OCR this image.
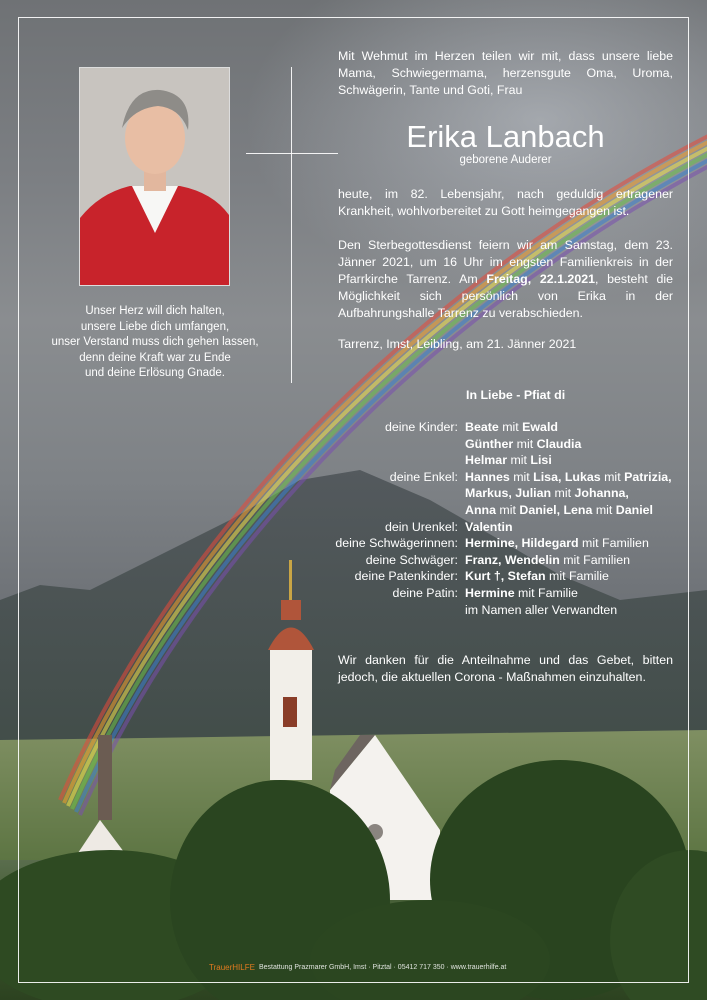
Unser Herz will dich halten,
unsere Liebe dich umfangen,
unser Verstand muss dich gehen lassen,
denn deine Kraft war zu Ende
und deine Erlösung Gnade.
Mit Wehmut im Herzen teilen wir mit, dass unsere liebe Mama, Schwiegermama, herzensgute Oma, Uroma, Schwägerin, Tante und Goti, Frau
Erika Lanbach
geborene Auderer
heute, im 82. Lebensjahr, nach geduldig ertragener Krankheit, wohlvorbereitet zu Gott heimgegangen ist.
Den Sterbegottesdienst feiern wir am Samstag, dem 23. Jänner 2021, um 16 Uhr im engsten Familienkreis in der Pfarrkirche Tarrenz. Am Freitag, 22.1.2021, besteht die Möglichkeit sich persönlich von Erika in der Aufbahrungshalle Tarrenz zu verabschieden.
Tarrenz, Imst, Leibling, am 21. Jänner 2021
In Liebe - Pfiat di
deine Kinder: Beate mit Ewald
Günther mit Claudia
Helmar mit Lisi
deine Enkel: Hannes mit Lisa, Lukas mit Patrizia,
Markus, Julian mit Johanna,
Anna mit Daniel, Lena mit Daniel
dein Urenkel: Valentin
deine Schwägerinnen: Hermine, Hildegard mit Familien
deine Schwäger: Franz, Wendelin mit Familien
deine Patenkinder: Kurt †, Stefan mit Familie
deine Patin: Hermine mit Familie
im Namen aller Verwandten
Wir danken für die Anteilnahme und das Gebet, bitten jedoch, die aktuellen Corona - Maßnahmen einzuhalten.
TrauerHILFE Bestattung Prazmarer GmbH, Imst · Pitztal · 05412 717 350 · www.trauerhilfe.at
